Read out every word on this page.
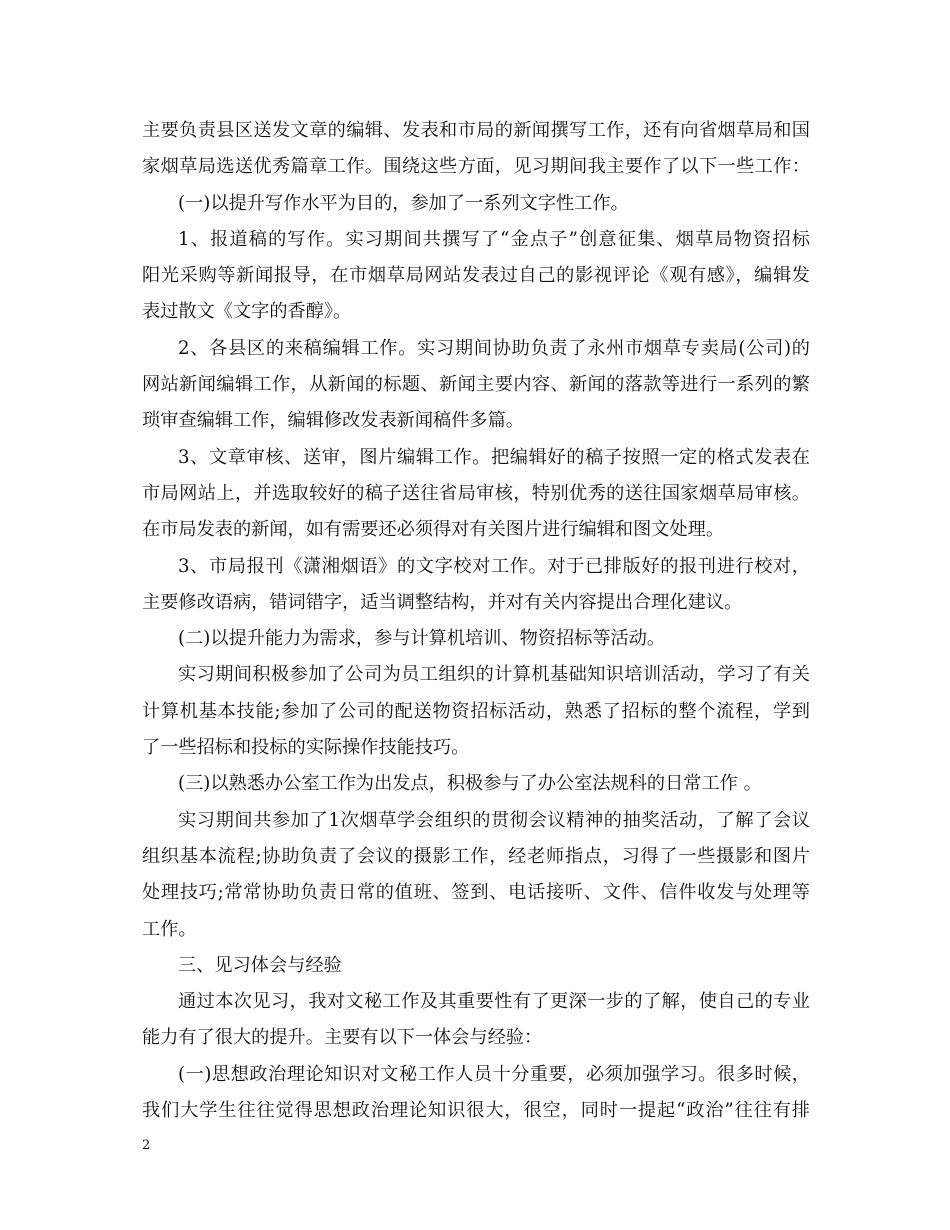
主要负责县区送发文章的编辑、发表和市局的新闻撰写工作，还有向省烟草局和国
家烟草局选送优秀篇章工作。围绕这些方面，见习期间我主要作了以下一些工作：
(一)以提升写作水平为目的，参加了一系列文字性工作。
1、报道稿的写作。实习期间共撰写了“金点子”创意征集、烟草局物资招标
阳光采购等新闻报导，在市烟草局网站发表过自己的影视评论《观有感》，编辑发
表过散文《文字的香醇》。
2、各县区的来稿编辑工作。实习期间协助负责了永州市烟草专卖局(公司)的
网站新闻编辑工作，从新闻的标题、新闻主要内容、新闻的落款等进行一系列的繁
琐审查编辑工作，编辑修改发表新闻稿件多篇。
3、文章审核、送审，图片编辑工作。把编辑好的稿子按照一定的格式发表在
市局网站上，并选取较好的稿子送往省局审核，特别优秀的送往国家烟草局审核。
在市局发表的新闻，如有需要还必须得对有关图片进行编辑和图文处理。
3、市局报刊《潇湘烟语》的文字校对工作。对于已排版好的报刊进行校对，
主要修改语病，错词错字，适当调整结构，并对有关内容提出合理化建议。
(二)以提升能力为需求，参与计算机培训、物资招标等活动。
实习期间积极参加了公司为员工组织的计算机基础知识培训活动，学习了有关
计算机基本技能;参加了公司的配送物资招标活动，熟悉了招标的整个流程，学到
了一些招标和投标的实际操作技能技巧。
(三)以熟悉办公室工作为出发点，积极参与了办公室法规科的日常工作 。
实习期间共参加了1次烟草学会组织的贯彻会议精神的抽奖活动，了解了会议
组织基本流程;协助负责了会议的摄影工作，经老师指点，习得了一些摄影和图片
处理技巧;常常协助负责日常的值班、签到、电话接听、文件、信件收发与处理等
工作。
三、见习体会与经验
通过本次见习，我对文秘工作及其重要性有了更深一步的了解，使自己的专业
能力有了很大的提升。主要有以下一体会与经验：
(一)思想政治理论知识对文秘工作人员十分重要，必须加强学习。很多时候，
我们大学生往往觉得思想政治理论知识很大，很空，同时一提起“政治”往往有排
2
